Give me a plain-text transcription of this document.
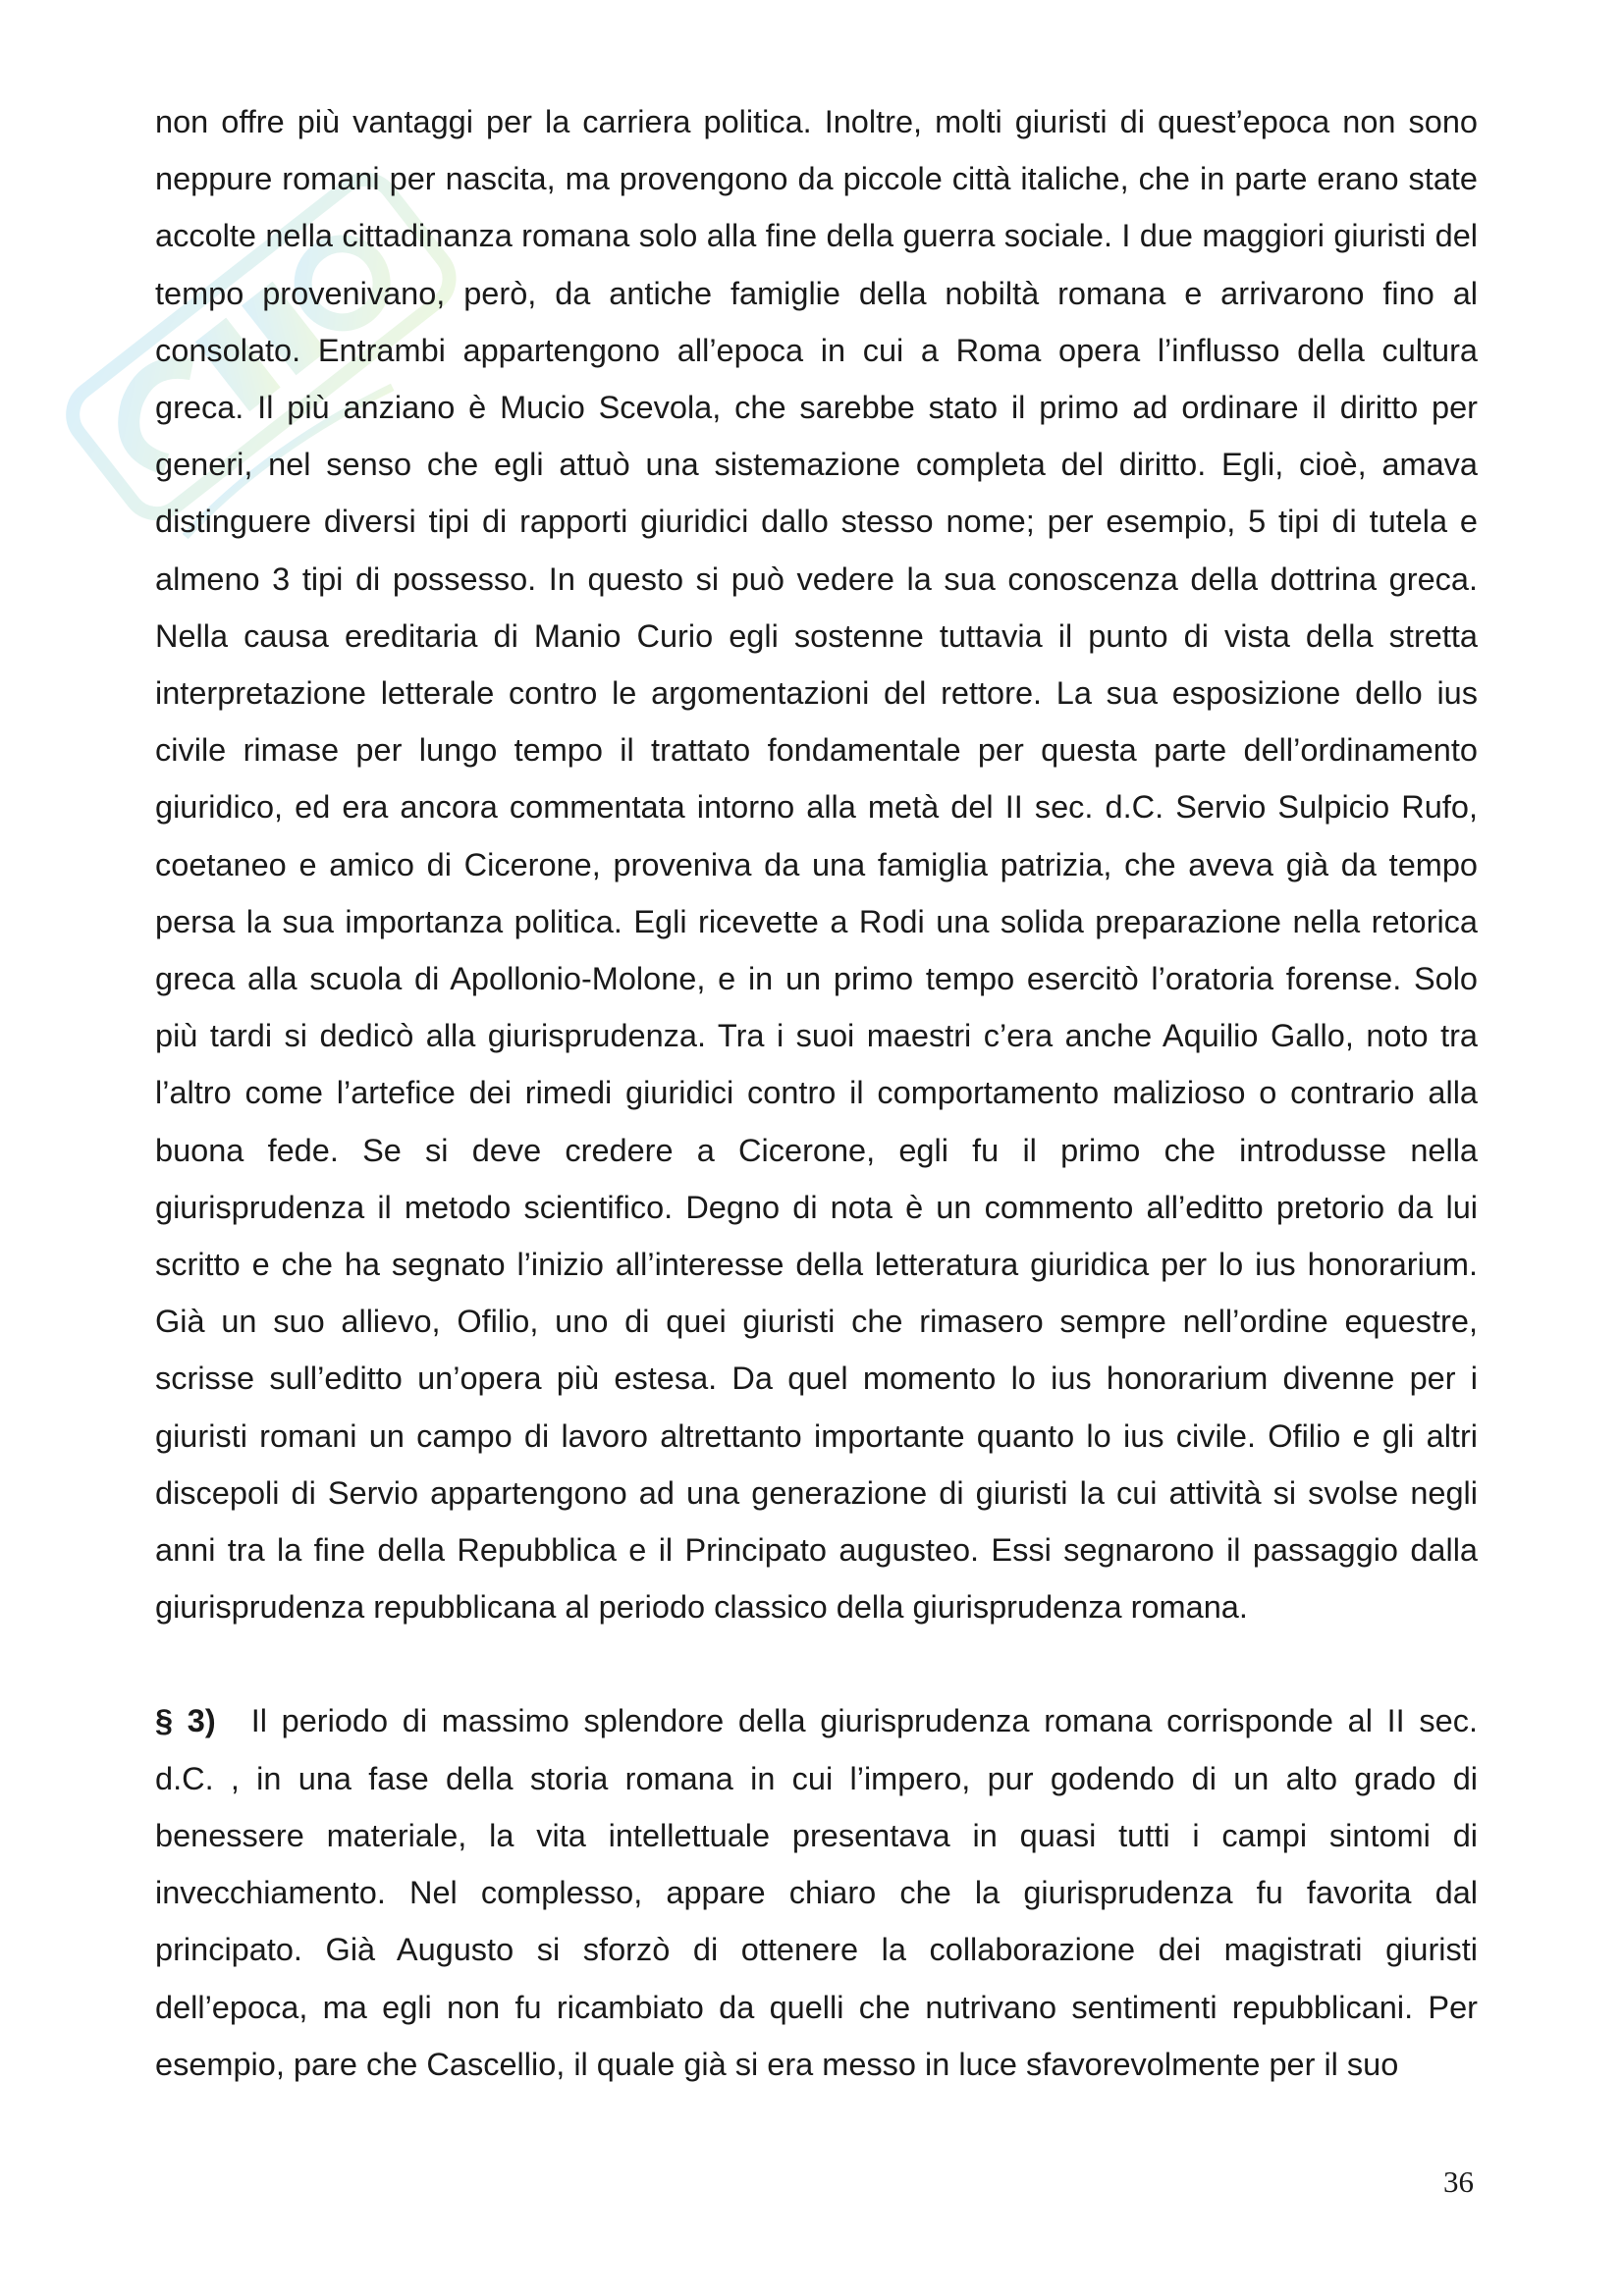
non offre più vantaggi per la carriera politica. Inoltre, molti giuristi di quest’epoca non sono neppure romani per nascita, ma provengono da piccole città italiche, che in parte erano state accolte nella cittadinanza romana solo alla fine della guerra sociale. I due maggiori giuristi del tempo provenivano, però, da antiche famiglie della nobiltà romana e arrivarono fino al consolato. Entrambi appartengono all’epoca in cui a Roma opera l’influsso della cultura greca. Il più anziano è Mucio Scevola, che sarebbe stato il primo ad ordinare il diritto per generi, nel senso che egli attuò una sistemazione completa del diritto. Egli, cioè, amava distinguere diversi tipi di rapporti giuridici dallo stesso nome; per esempio, 5 tipi di tutela e almeno 3 tipi di possesso. In questo si può vedere la sua conoscenza della dottrina greca. Nella causa ereditaria di Manio Curio egli sostenne tuttavia il punto di vista della stretta interpretazione letterale contro le argomentazioni del rettore. La sua esposizione dello ius civile rimase per lungo tempo il trattato fondamentale per questa parte dell’ordinamento giuridico, ed era ancora commentata intorno alla metà del II sec. d.C. Servio Sulpicio Rufo, coetaneo e amico di Cicerone, proveniva da una famiglia patrizia, che aveva già da tempo persa la sua importanza politica. Egli ricevette a Rodi una solida preparazione nella retorica greca alla scuola di Apollonio-Molone, e in un primo tempo esercitò l’oratoria forense. Solo più tardi si dedicò alla giurisprudenza. Tra i suoi maestri c’era anche Aquilio Gallo, noto tra l’altro come l’artefice dei rimedi giuridici contro il comportamento malizioso o contrario alla buona fede. Se si deve credere a Cicerone, egli fu il primo che introdusse nella giurisprudenza il metodo scientifico. Degno di nota è un commento all’editto pretorio da lui scritto e che ha segnato l’inizio all’interesse della letteratura giuridica per lo ius honorarium. Già un suo allievo, Ofilio, uno di quei giuristi che rimasero sempre nell’ordine equestre, scrisse sull’editto un’opera più estesa. Da quel momento lo ius honorarium divenne per i giuristi romani un campo di lavoro altrettanto importante quanto lo ius civile. Ofilio e gli altri discepoli di Servio appartengono ad una generazione di giuristi la cui attività si svolse negli anni tra la fine della Repubblica e il Principato augusteo. Essi segnarono il passaggio dalla giurisprudenza repubblicana al periodo classico della giurisprudenza romana.

§ 3) Il periodo di massimo splendore della giurisprudenza romana corrisponde al II sec. d.C. , in una fase della storia romana in cui l’impero, pur godendo di un alto grado di benessere materiale, la vita intellettuale presentava in quasi tutti i campi sintomi di invecchiamento. Nel complesso, appare chiaro che la giurisprudenza fu favorita dal principato. Già Augusto si sforzò di ottenere la collaborazione dei magistrati giuristi dell’epoca, ma egli non fu ricambiato da quelli che nutrivano sentimenti repubblicani. Per esempio, pare che Cascellio, il quale già si era messo in luce sfavorevolmente per il suo

36
